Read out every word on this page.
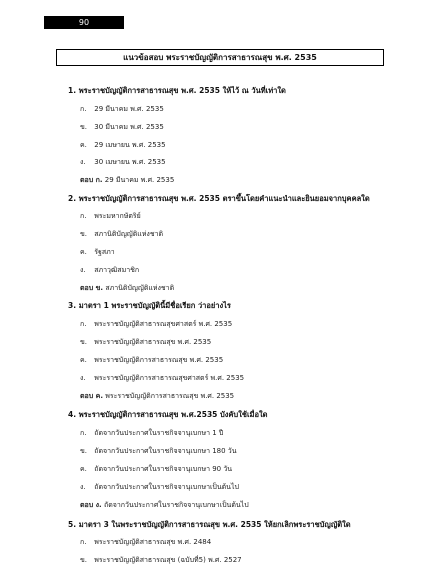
90
แนวข้อสอบ พระราชบัญญัติการสาธารณสุข พ.ศ. 2535
1. พระราชบัญญัติการสาธารณสุข พ.ศ. 2535 ให้ไว้ ณ วันที่เท่าใด
ก. 29 มีนาคม พ.ศ. 2535
ข. 30 มีนาคม พ.ศ. 2535
ค. 29 เมษายน พ.ศ. 2535
ง. 30 เมษายน พ.ศ. 2535
ตอบ ก. 29 มีนาคม พ.ศ. 2535
2. พระราชบัญญัติการสาธารณสุข พ.ศ. 2535 ตราขึ้นโดยคำแนะนำและยินยอมจากบุคคลใด
ก. พระมหากษัตริย์
ข. สภานิติบัญญัติแห่งชาติ
ค. รัฐสภา
ง. สภาวุฒิสมาชิก
ตอบ ข. สภานิติบัญญัติแห่งชาติ
3. มาตรา 1 พระราชบัญญัตินี้มีชื่อเรียก ว่าอย่างไร
ก. พระราชบัญญัติสาธารณสุขศาสตร์ พ.ศ. 2535
ข. พระราชบัญญัติสาธารณสุข พ.ศ. 2535
ค. พระราชบัญญัติการสาธารณสุข พ.ศ. 2535
ง. พระราชบัญญัติการสาธารณสุขศาสตร์ พ.ศ. 2535
ตอบ ค. พระราชบัญญัติการสาธารณสุข พ.ศ. 2535
4. พระราชบัญญัติการสาธารณสุข พ.ศ.2535 บังคับใช้เมื่อใด
ก. ถัดจากวันประกาศในราชกิจจานุเบกษา 1 ปี
ข. ถัดจากวันประกาศในราชกิจจานุเบกษา 180 วัน
ค. ถัดจากวันประกาศในราชกิจจานุเบกษา 90 วัน
ง. ถัดจากวันประกาศในราชกิจจานุเบกษาเป็นต้นไป
ตอบ ง. ถัดจากวันประกาศในราชกิจจานุเบกษาเป็นต้นไป
5. มาตรา 3 ในพระราชบัญญัติการสาธารณสุข พ.ศ. 2535 ให้ยกเลิกพระราชบัญญัติใด
ก. พระราชบัญญัติสาธารณสุข พ.ศ. 2484
ข. พระราชบัญญัติสาธารณสุข (ฉบับที่5) พ.ศ. 2527
